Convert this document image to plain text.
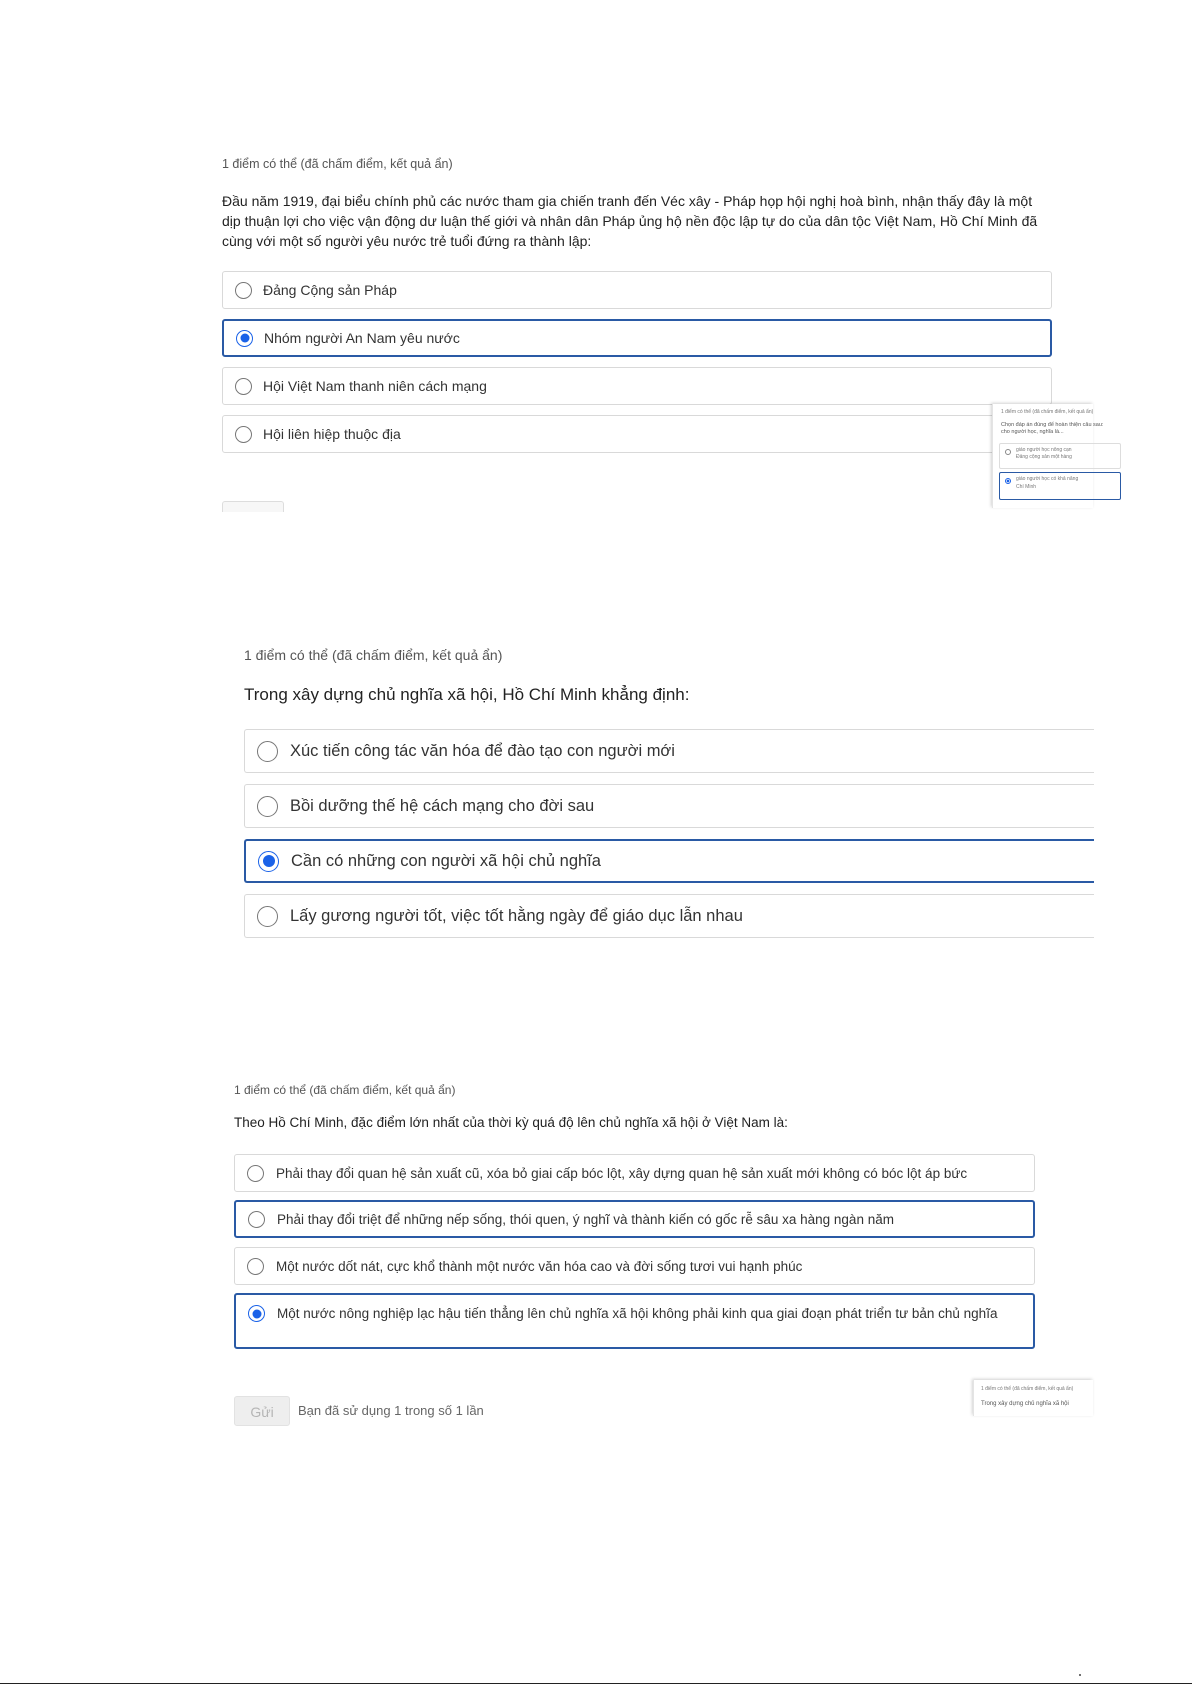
1 điểm có thể (đã chấm điểm, kết quả ẩn)
Đầu năm 1919, đại biểu chính phủ các nước tham gia chiến tranh đến Véc xây - Pháp họp hội nghị hoà bình, nhận thấy đây là một dịp thuận lợi cho việc vận động dư luận thế giới và nhân dân Pháp ủng hộ nền độc lập tự do của dân tộc Việt Nam, Hồ Chí Minh đã cùng với một số người yêu nước trẻ tuổi đứng ra thành lập:
Đảng Cộng sản Pháp
Nhóm người An Nam yêu nước
Hội Việt Nam thanh niên cách mạng
Hội liên hiệp thuộc địa
1 điểm có thể (đã chấm điểm, kết quả ẩn)
Chọn đáp án đúng để hoàn thiện câu sau:
cho người học, nghĩa là...
giáo người học nông cạn
Đảng cộng sản một hàng
giáo người học có khả năng
Chí Minh
1 điểm có thể (đã chấm điểm, kết quả ẩn)
Trong xây dựng chủ nghĩa xã hội, Hồ Chí Minh khẳng định:
Xúc tiến công tác văn hóa để đào tạo con người mới
Bồi dưỡng thế hệ cách mạng cho đời sau
Cần có những con người xã hội chủ nghĩa
Lấy gương người tốt, việc tốt hằng ngày để giáo dục lẫn nhau
1 điểm có thể (đã chấm điểm, kết quả ẩn)
Theo Hồ Chí Minh, đặc điểm lớn nhất của thời kỳ quá độ lên chủ nghĩa xã hội ở Việt Nam là:
Phải thay đổi quan hệ sản xuất cũ, xóa bỏ giai cấp bóc lột, xây dựng quan hệ sản xuất mới không có bóc lột áp bức
Phải thay đổi triệt để những nếp sống, thói quen, ý nghĩ và thành kiến có gốc rễ sâu xa hàng ngàn năm
Một nước dốt nát, cực khổ thành một nước văn hóa cao và đời sống tươi vui hạnh phúc
Một nước nông nghiệp lạc hậu tiến thẳng lên chủ nghĩa xã hội không phải kinh qua giai đoạn phát triển tư bản chủ nghĩa
Gửi	Bạn đã sử dụng 1 trong số 1 lần
1 điểm có thể (đã chấm điểm, kết quả ẩn)
Trong xây dựng chủ nghĩa xã hội
